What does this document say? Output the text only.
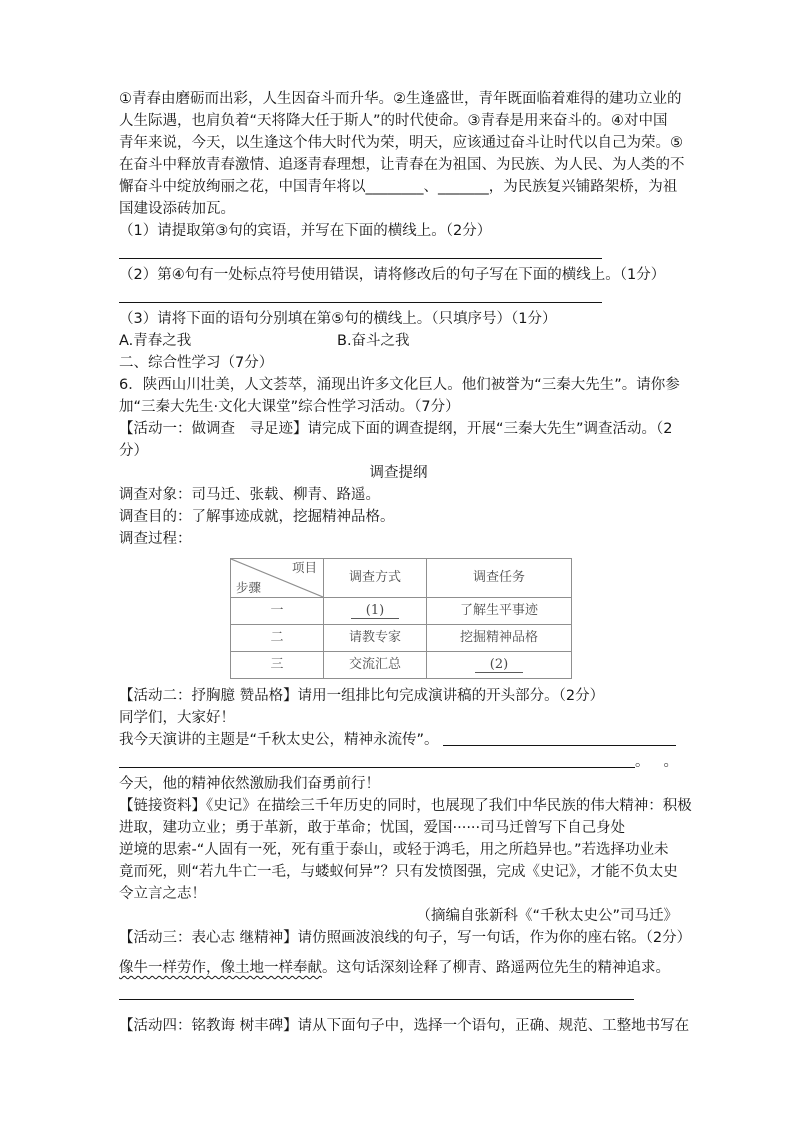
①青春由磨砺而出彩，人生因奋斗而升华。②生逢盛世，青年既面临着难得的建功立业的
人生际遇，也肩负着“天将降大任于斯人”的时代使命。③青春是用来奋斗的。④对中国
青年来说，今天，以生逢这个伟大时代为荣，明天，应该通过奋斗让时代以自己为荣。⑤
在奋斗中释放青春激情、追逐青春理想，让青春在为祖国、为民族、为人民、为人类的不
懈奋斗中绽放绚丽之花，中国青年将以________、_______，为民族复兴铺路架桥，为祖
国建设添砖加瓦。
（1）请提取第③句的宾语，并写在下面的横线上。（2分）
（2）第④句有一处标点符号使用错误，请将修改后的句子写在下面的横线上。（1分）
（3）请将下面的语句分别填在第⑤句的横线上。（只填序号）（1分）
A.青春之我	B.奋斗之我
二、综合性学习（7分）
6．陕西山川壮美，人文荟萃，涌现出许多文化巨人。他们被誉为“三秦大先生”。请你参
加“三秦大先生·文化大课堂”综合性学习活动。（7分）
【活动一：做调查　寻足迹】请完成下面的调查提纲，开展“三秦大先生”调查活动。（2
分）
调查提纲
调查对象：司马迁、张载、柳青、路遥。
调查目的：了解事迹成就，挖掘精神品格。
调查过程：
项目
步骤	调查方式	调查任务
一	(1)	了解生平事迹
二	请教专家	挖掘精神品格
三	交流汇总	(2)
【活动二：抒胸臆 赞品格】请用一组排比句完成演讲稿的开头部分。（2分）
同学们，大家好！
我今天演讲的主题是“千秋太史公，精神永流传”。
。 。
今天，他的精神依然激励我们奋勇前行！
【链接资料】《史记》在描绘三千年历史的同时，也展现了我们中华民族的伟大精神：积极
进取，建功立业；勇于革新，敢于革命；忧国，爱国······司马迁曾写下自己身处
逆境的思索-“人固有一死，死有重于泰山，或轻于鸿毛，用之所趋异也。”若选择功业未
竟而死，则“若九牛亡一毛，与蝼蚁何异”？只有发愤图强，完成《史记》，才能不负太史
令立言之志！
（摘编自张新科《“千秋太史公”司马迁》
【活动三：表心志 继精神】请仿照画波浪线的句子，写一句话，作为你的座右铭。（2分）
像牛一样劳作，像土地一样奉献。这句话深刻诠释了柳青、路遥两位先生的精神追求。
【活动四：铭教诲 树丰碑】请从下面句子中，选择一个语句，正确、规范、工整地书写在
